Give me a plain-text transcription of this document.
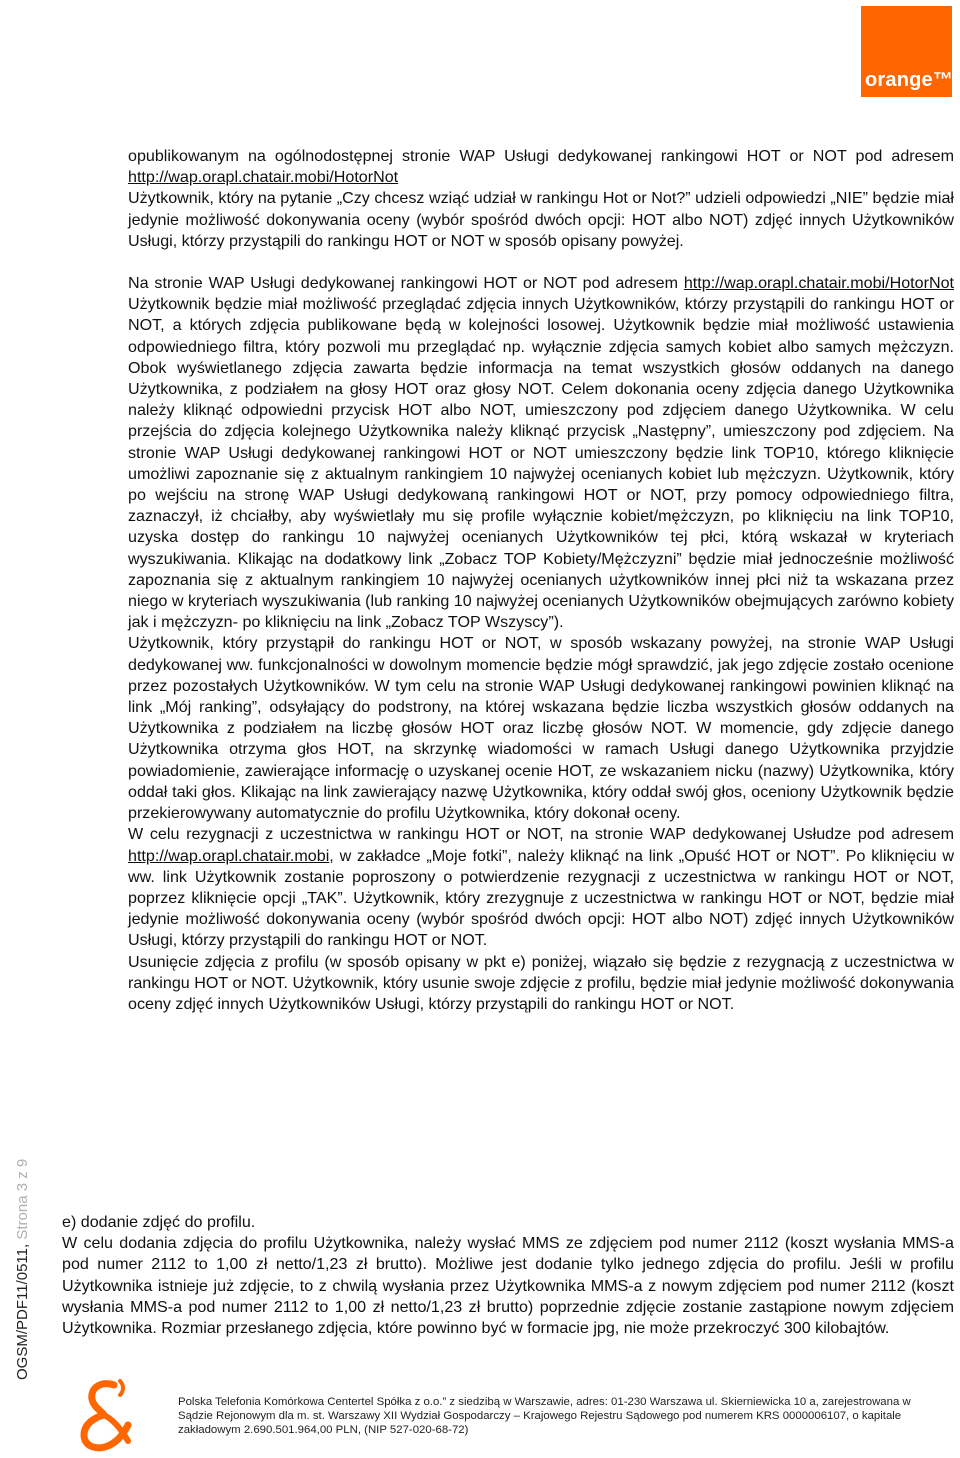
orange™
OGSM/PDF11/0511, Strona 3 z 9

opublikowanym na ogólnodostępnej stronie WAP Usługi dedykowanej rankingowi HOT or NOT pod adresem http://wap.orapl.chatair.mobi/HotorNot

Użytkownik, który na pytanie „Czy chcesz wziąć udział w rankingu Hot or Not?” udzieli odpowiedzi „NIE” będzie miał jedynie możliwość dokonywania oceny (wybór spośród dwóch opcji: HOT albo NOT) zdjęć innych Użytkowników Usługi, którzy przystąpili do rankingu HOT or NOT w sposób opisany powyżej.

Na stronie WAP Usługi dedykowanej rankingowi HOT or NOT pod adresem http://wap.orapl.chatair.mobi/HotorNot Użytkownik będzie miał możliwość przeglądać zdjęcia innych Użytkowników, którzy przystąpili do rankingu HOT or NOT, a których zdjęcia publikowane będą w kolejności losowej. Użytkownik będzie miał możliwość ustawienia odpowiedniego filtra, który pozwoli mu przeglądać np. wyłącznie zdjęcia samych kobiet albo samych mężczyzn. Obok wyświetlanego zdjęcia zawarta będzie informacja na temat wszystkich głosów oddanych na danego Użytkownika, z podziałem na głosy HOT oraz głosy NOT. Celem dokonania oceny zdjęcia danego Użytkownika należy kliknąć odpowiedni przycisk HOT albo NOT, umieszczony pod zdjęciem danego Użytkownika. W celu przejścia do zdjęcia kolejnego Użytkownika należy kliknąć przycisk „Następny”, umieszczony pod zdjęciem. Na stronie WAP Usługi dedykowanej rankingowi HOT or NOT umieszczony będzie link TOP10, którego kliknięcie umożliwi zapoznanie się z aktualnym rankingiem 10 najwyżej ocenianych kobiet lub mężczyzn. Użytkownik, który po wejściu na stronę WAP Usługi dedykowaną rankingowi HOT or NOT, przy pomocy odpowiedniego filtra, zaznaczył, iż chciałby, aby wyświetlały mu się profile wyłącznie kobiet/mężczyzn, po kliknięciu na link TOP10, uzyska dostęp do rankingu 10 najwyżej ocenianych Użytkowników tej płci, którą wskazał w kryteriach wyszukiwania. Klikając na dodatkowy link „Zobacz TOP Kobiety/Mężczyzni” będzie miał jednocześnie możliwość zapoznania się z aktualnym rankingiem 10 najwyżej ocenianych użytkowników innej płci niż ta wskazana przez niego w kryteriach wyszukiwania (lub ranking 10 najwyżej ocenianych Użytkowników obejmujących zarówno kobiety jak i mężczyzn- po kliknięciu na link „Zobacz TOP Wszyscy”).

Użytkownik, który przystąpił do rankingu HOT or NOT, w sposób wskazany powyżej, na stronie WAP Usługi dedykowanej ww. funkcjonalności w dowolnym momencie będzie mógł sprawdzić, jak jego zdjęcie zostało ocenione przez pozostałych Użytkowników. W tym celu na stronie WAP Usługi dedykowanej rankingowi powinien kliknąć na link „Mój ranking”, odsyłający do podstrony, na której wskazana będzie liczba wszystkich głosów oddanych na Użytkownika z podziałem na liczbę głosów HOT oraz liczbę głosów NOT. W momencie, gdy zdjęcie danego Użytkownika otrzyma głos HOT, na skrzynkę wiadomości w ramach Usługi danego Użytkownika przyjdzie powiadomienie, zawierające informację o uzyskanej ocenie HOT, ze wskazaniem nicku (nazwy) Użytkownika, który oddał taki głos. Klikając na link zawierający nazwę Użytkownika, który oddał swój głos, oceniony Użytkownik będzie przekierowywany automatycznie do profilu Użytkownika, który dokonał oceny.

W celu rezygnacji z uczestnictwa w rankingu HOT or NOT, na stronie WAP dedykowanej Usłudze pod adresem http://wap.orapl.chatair.mobi, w zakładce „Moje fotki”, należy kliknąć na link „Opuść HOT or NOT”. Po kliknięciu w ww. link Użytkownik zostanie poproszony o potwierdzenie rezygnacji z uczestnictwa w rankingu HOT or NOT, poprzez kliknięcie opcji „TAK”. Użytkownik, który zrezygnuje z uczestnictwa w rankingu HOT or NOT, będzie miał jedynie możliwość dokonywania oceny (wybór spośród dwóch opcji: HOT albo NOT) zdjęć innych Użytkowników Usługi, którzy przystąpili do rankingu HOT or NOT.

Usunięcie zdjęcia z profilu (w sposób opisany w pkt e) poniżej, wiązało się będzie z rezygnacją z uczestnictwa w rankingu HOT or NOT. Użytkownik, który usunie swoje zdjęcie z profilu, będzie miał jedynie możliwość dokonywania oceny zdjęć innych Użytkowników Usługi, którzy przystąpili do rankingu HOT or NOT.

e) dodanie zdjęć do profilu.

W celu dodania zdjęcia do profilu Użytkownika, należy wysłać MMS ze zdjęciem pod numer 2112 (koszt wysłania MMS-a pod numer 2112 to 1,00 zł netto/1,23 zł brutto). Możliwe jest dodanie tylko jednego zdjęcia do profilu. Jeśli w profilu Użytkownika istnieje już zdjęcie, to z chwilą wysłania przez Użytkownika MMS-a z nowym zdjęciem pod numer 2112 (koszt wysłania MMS-a pod numer 2112 to 1,00 zł netto/1,23 zł brutto) poprzednie zdjęcie zostanie zastąpione nowym zdjęciem Użytkownika. Rozmiar przesłanego zdjęcia, które powinno być w formacie jpg, nie może przekroczyć 300 kilobajtów.

Polska Telefonia Komórkowa Centertel Spółka z o.o.” z siedzibą w Warszawie, adres: 01-230 Warszawa ul. Skierniewicka 10 a, zarejestrowana w

Sądzie Rejonowym dla m. st. Warszawy XII Wydział Gospodarczy – Krajowego Rejestru Sądowego pod numerem KRS 0000006107, o kapitale

zakładowym 2.690.501.964,00 PLN, (NIP 527-020-68-72)
